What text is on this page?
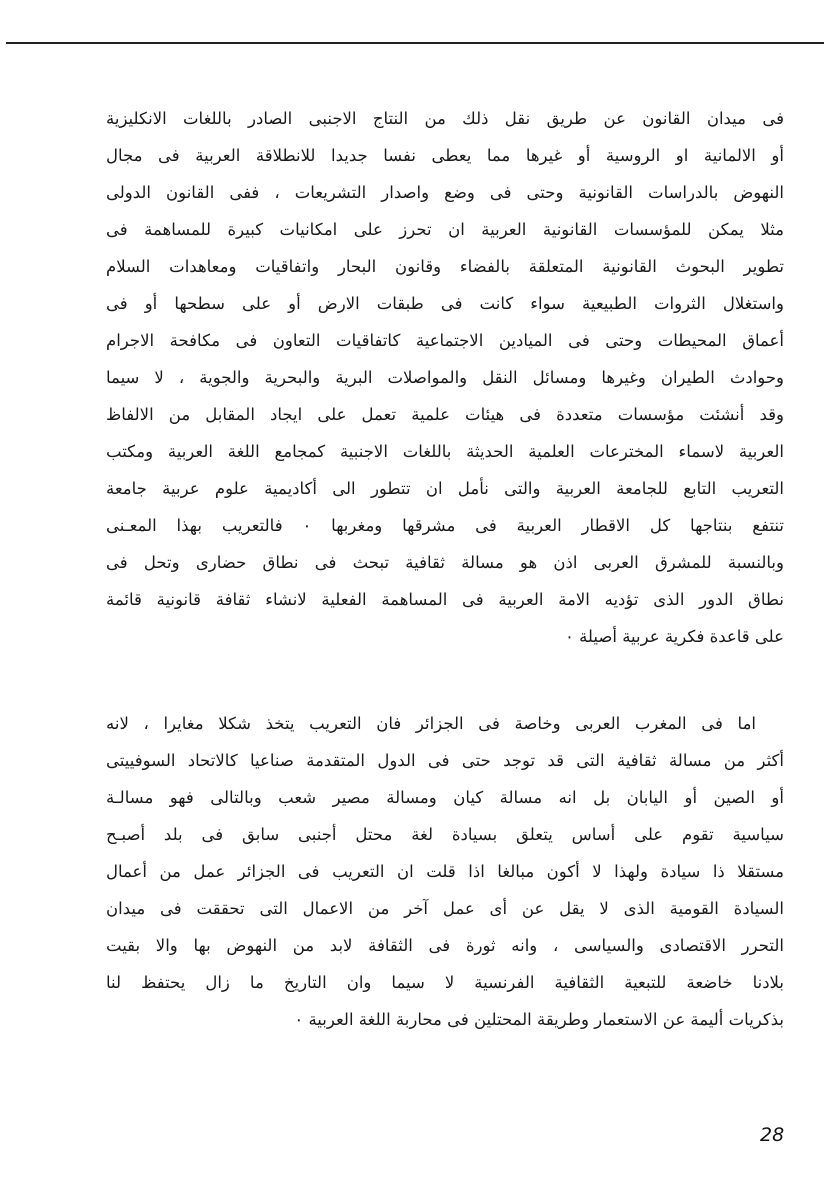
فى ميدان القانون عن طريق نقل ذلك من النتاج الاجنبى الصادر باللغات الانكليزية

أو الالمانية او الروسية أو غيرها مما يعطى نفسا جديدا للانطلاقة العربية فى مجال

النهوض بالدراسات القانونية وحتى فى وضع واصدار التشريعات ، ففى القانون الدولى

مثلا يمكن للمؤسسات القانونية العربية ان تحرز على امكانيات كبيرة للمساهمة فى

تطوير البحوث القانونية المتعلقة بالفضاء وقانون البحار واتفاقيات ومعاهدات السلام

واستغلال الثروات الطبيعية سواء كانت فى طبقات الارض أو على سطحها أو فى

أعماق المحيطات وحتى فى الميادين الاجتماعية كاتفاقيات التعاون فى مكافحة الاجرام

وحوادث الطيران وغيرها ومسائل النقل والمواصلات البرية والبحرية والجوية ، لا سيما

وقد أنشئت مؤسسات متعددة فى هيئات علمية تعمل على ايجاد المقابل من الالفاظ

العربية لاسماء المخترعات العلمية الحديثة باللغات الاجنبية كمجامع اللغة العربية ومكتب

التعريب التابع للجامعة العربية والتى نأمل ان تتطور الى أكاديمية علوم عربية جامعة

تنتفع بنتاجها كل الاقطار العربية فى مشرقها ومغربها ٠ فالتعريب بهذا المعـنى

وبالنسبة للمشرق العربى اذن هو مسالة ثقافية تبحث فى نطاق حضارى وتحل فى

نطاق الدور الذى تؤديه الامة العربية فى المساهمة الفعلية لانشاء ثقافة قانونية قائمة

على قاعدة فكرية عربية أصيلة ٠

اما فى المغرب العربى وخاصة فى الجزائر فان التعريب يتخذ شكلا مغايرا ، لانه

أكثر من مسالة ثقافية التى قد توجد حتى فى الدول المتقدمة صناعيا كالاتحاد السوفييتى

أو الصين أو اليابان بل انه مسالة كيان ومسالة مصير شعب وبالتالى فهو مسالـة

سياسية تقوم على أساس يتعلق بسيادة لغة محتل أجنبى سابق فى بلد أصبـح

مستقلا ذا سيادة ولهذا لا أكون مبالغا اذا قلت ان التعريب فى الجزائر عمل من أعمال

السيادة القومية الذى لا يقل عن أى عمل آخر من الاعمال التى تحققت فى ميدان

التحرر الاقتصادى والسياسى ، وانه ثورة فى الثقافة لابد من النهوض بها والا بقيت

بلادنا خاضعة للتبعية الثقافية الفرنسية لا سيما وان التاريخ ما زال يحتفظ لنا

بذكريات أليمة عن الاستعمار وطريقة المحتلين فى محاربة اللغة العربية ٠

28
